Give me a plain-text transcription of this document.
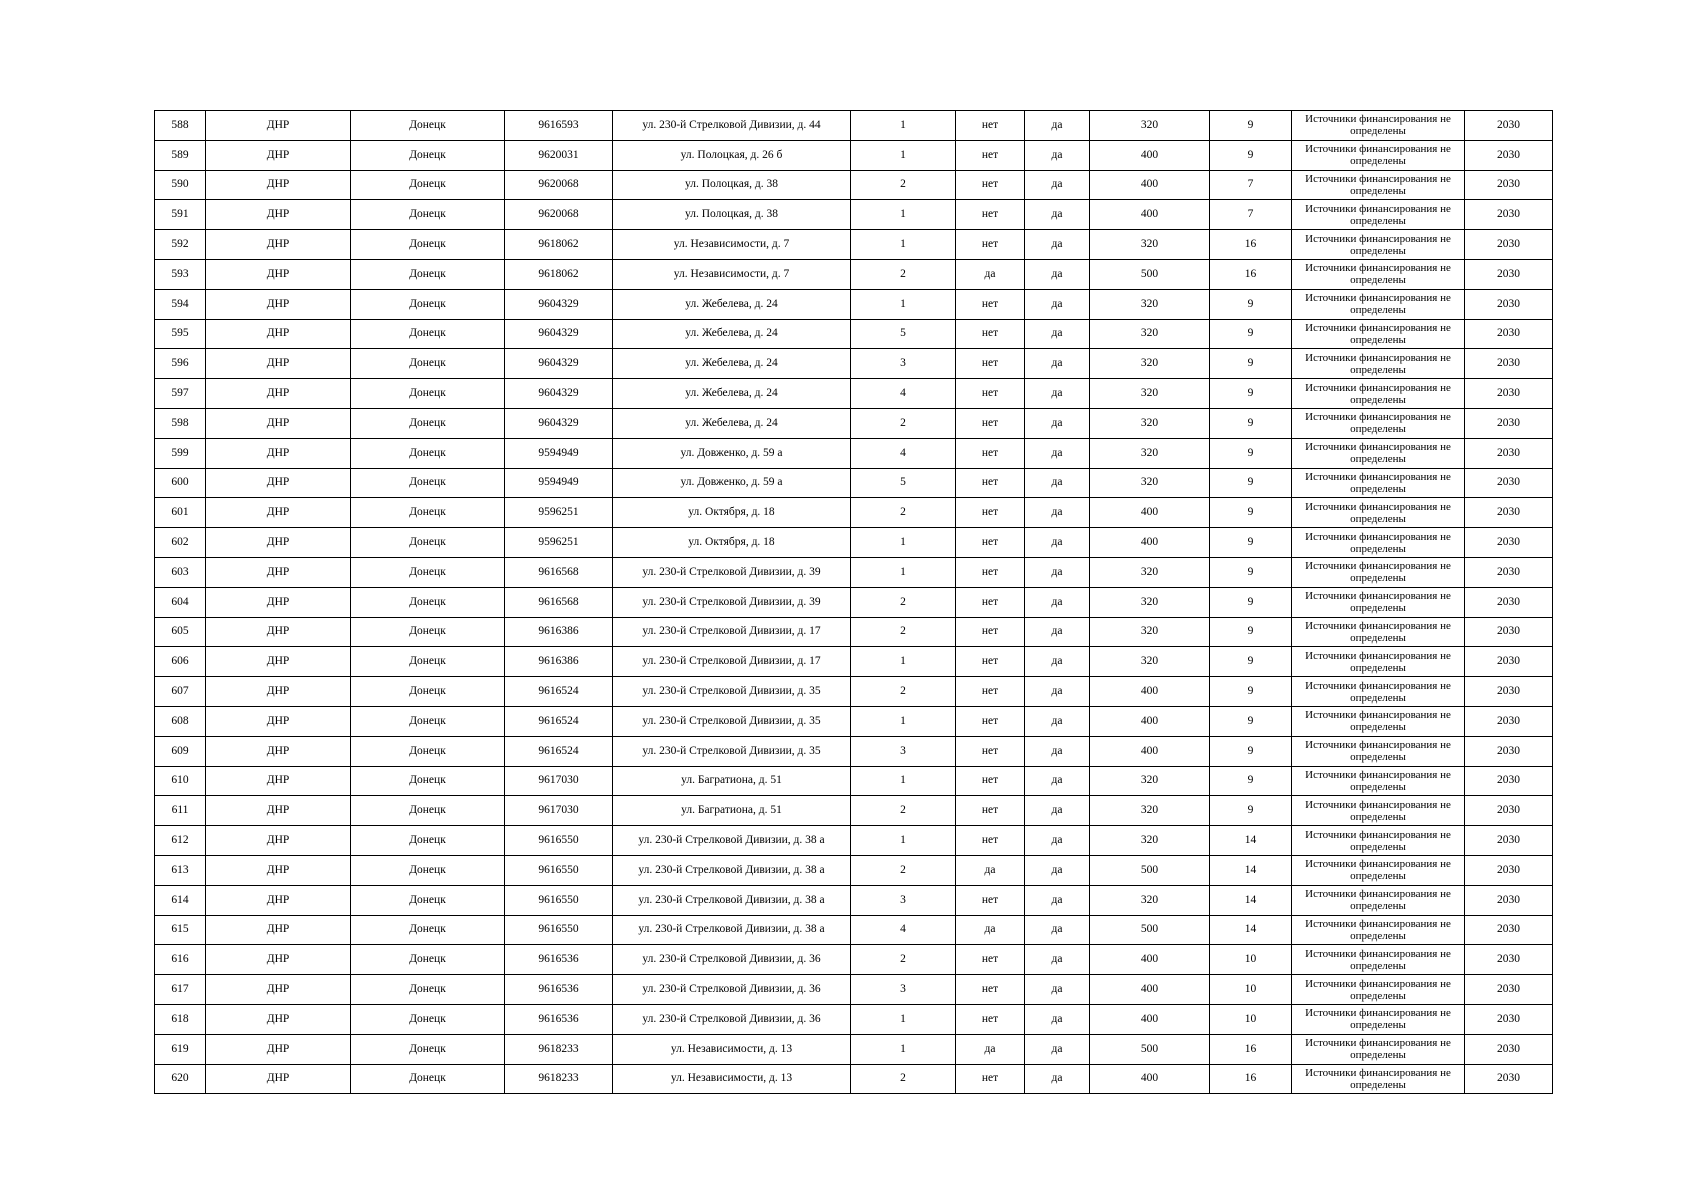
588	ДНР	Донецк	9616593	ул. 230-й Стрелковой Дивизии, д. 44	1	нет	да	320	9	Источники финансирования не определены	2030
589	ДНР	Донецк	9620031	ул. Полоцкая, д. 26 б	1	нет	да	400	9	Источники финансирования не определены	2030
590	ДНР	Донецк	9620068	ул. Полоцкая, д. 38	2	нет	да	400	7	Источники финансирования не определены	2030
591	ДНР	Донецк	9620068	ул. Полоцкая, д. 38	1	нет	да	400	7	Источники финансирования не определены	2030
592	ДНР	Донецк	9618062	ул. Независимости, д. 7	1	нет	да	320	16	Источники финансирования не определены	2030
593	ДНР	Донецк	9618062	ул. Независимости, д. 7	2	да	да	500	16	Источники финансирования не определены	2030
594	ДНР	Донецк	9604329	ул. Жебелева, д. 24	1	нет	да	320	9	Источники финансирования не определены	2030
595	ДНР	Донецк	9604329	ул. Жебелева, д. 24	5	нет	да	320	9	Источники финансирования не определены	2030
596	ДНР	Донецк	9604329	ул. Жебелева, д. 24	3	нет	да	320	9	Источники финансирования не определены	2030
597	ДНР	Донецк	9604329	ул. Жебелева, д. 24	4	нет	да	320	9	Источники финансирования не определены	2030
598	ДНР	Донецк	9604329	ул. Жебелева, д. 24	2	нет	да	320	9	Источники финансирования не определены	2030
599	ДНР	Донецк	9594949	ул. Довженко, д. 59 а	4	нет	да	320	9	Источники финансирования не определены	2030
600	ДНР	Донецк	9594949	ул. Довженко, д. 59 а	5	нет	да	320	9	Источники финансирования не определены	2030
601	ДНР	Донецк	9596251	ул. Октября, д. 18	2	нет	да	400	9	Источники финансирования не определены	2030
602	ДНР	Донецк	9596251	ул. Октября, д. 18	1	нет	да	400	9	Источники финансирования не определены	2030
603	ДНР	Донецк	9616568	ул. 230-й Стрелковой Дивизии, д. 39	1	нет	да	320	9	Источники финансирования не определены	2030
604	ДНР	Донецк	9616568	ул. 230-й Стрелковой Дивизии, д. 39	2	нет	да	320	9	Источники финансирования не определены	2030
605	ДНР	Донецк	9616386	ул. 230-й Стрелковой Дивизии, д. 17	2	нет	да	320	9	Источники финансирования не определены	2030
606	ДНР	Донецк	9616386	ул. 230-й Стрелковой Дивизии, д. 17	1	нет	да	320	9	Источники финансирования не определены	2030
607	ДНР	Донецк	9616524	ул. 230-й Стрелковой Дивизии, д. 35	2	нет	да	400	9	Источники финансирования не определены	2030
608	ДНР	Донецк	9616524	ул. 230-й Стрелковой Дивизии, д. 35	1	нет	да	400	9	Источники финансирования не определены	2030
609	ДНР	Донецк	9616524	ул. 230-й Стрелковой Дивизии, д. 35	3	нет	да	400	9	Источники финансирования не определены	2030
610	ДНР	Донецк	9617030	ул. Багратиона, д. 51	1	нет	да	320	9	Источники финансирования не определены	2030
611	ДНР	Донецк	9617030	ул. Багратиона, д. 51	2	нет	да	320	9	Источники финансирования не определены	2030
612	ДНР	Донецк	9616550	ул. 230-й Стрелковой Дивизии, д. 38 а	1	нет	да	320	14	Источники финансирования не определены	2030
613	ДНР	Донецк	9616550	ул. 230-й Стрелковой Дивизии, д. 38 а	2	да	да	500	14	Источники финансирования не определены	2030
614	ДНР	Донецк	9616550	ул. 230-й Стрелковой Дивизии, д. 38 а	3	нет	да	320	14	Источники финансирования не определены	2030
615	ДНР	Донецк	9616550	ул. 230-й Стрелковой Дивизии, д. 38 а	4	да	да	500	14	Источники финансирования не определены	2030
616	ДНР	Донецк	9616536	ул. 230-й Стрелковой Дивизии, д. 36	2	нет	да	400	10	Источники финансирования не определены	2030
617	ДНР	Донецк	9616536	ул. 230-й Стрелковой Дивизии, д. 36	3	нет	да	400	10	Источники финансирования не определены	2030
618	ДНР	Донецк	9616536	ул. 230-й Стрелковой Дивизии, д. 36	1	нет	да	400	10	Источники финансирования не определены	2030
619	ДНР	Донецк	9618233	ул. Независимости, д. 13	1	да	да	500	16	Источники финансирования не определены	2030
620	ДНР	Донецк	9618233	ул. Независимости, д. 13	2	нет	да	400	16	Источники финансирования не определены	2030
